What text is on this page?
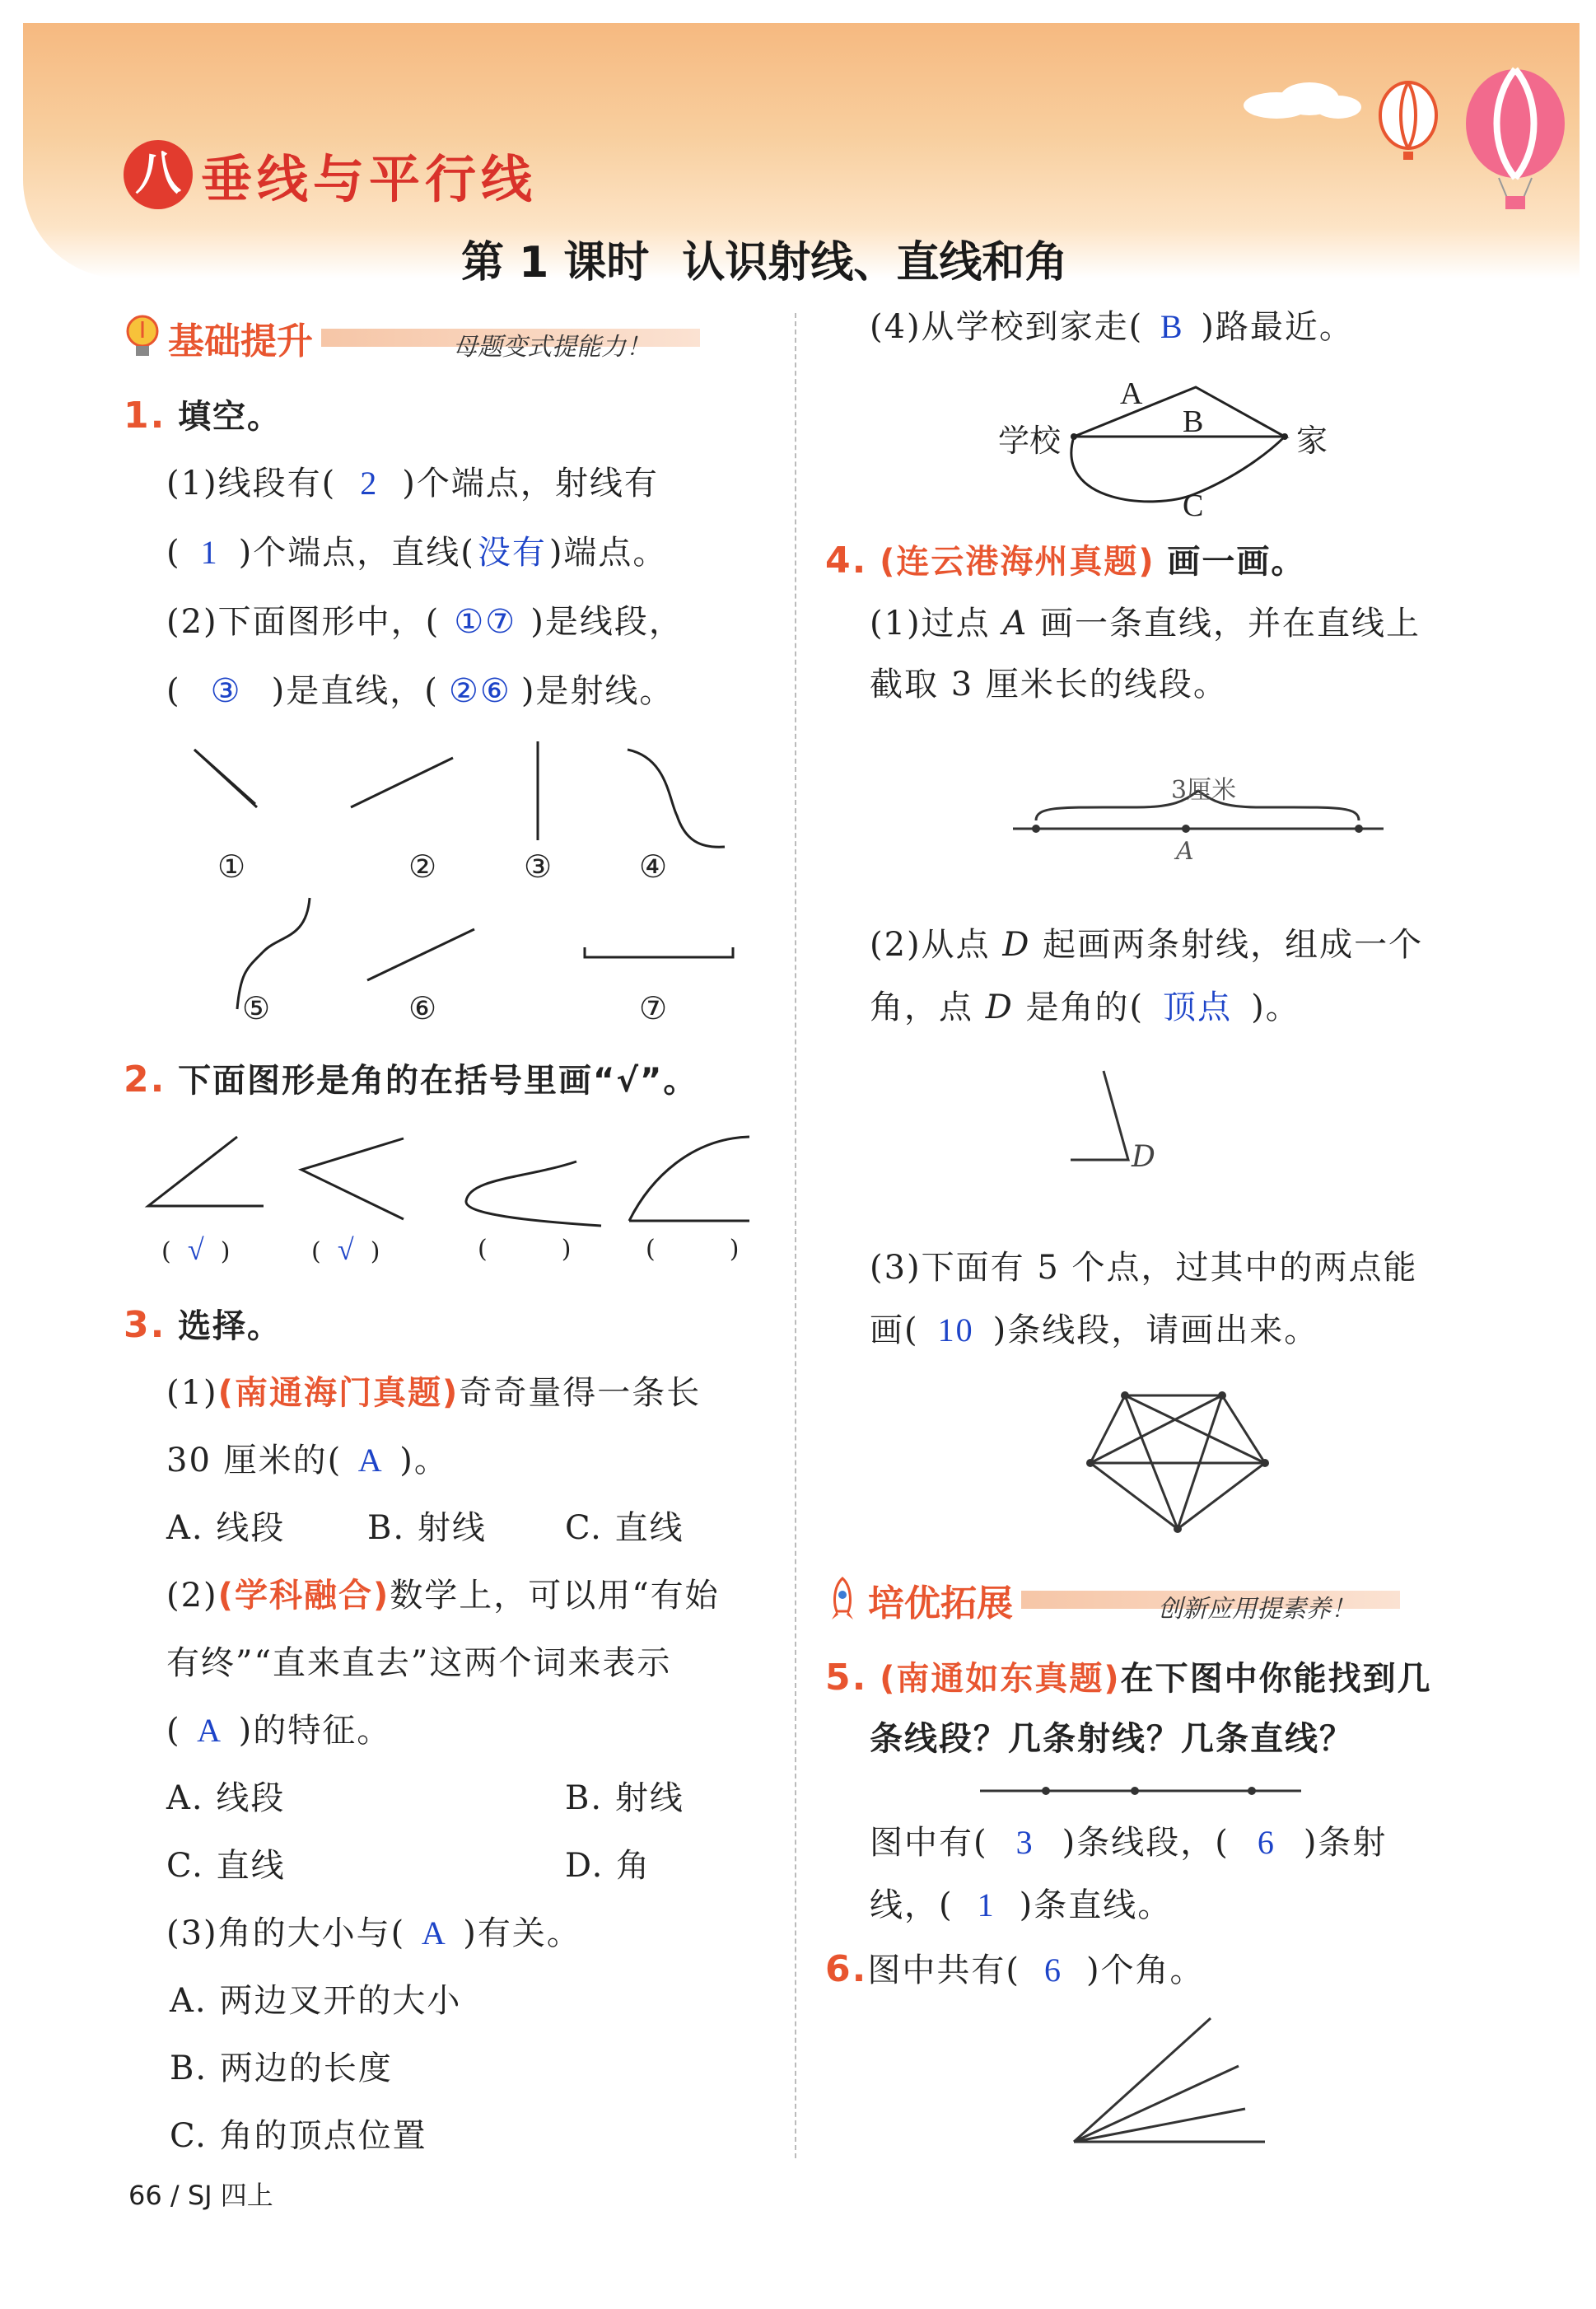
八 垂线与平行线
第 1 课时 认识射线、直线和角
基础提升	母题变式提能力！
1. 填空。
(1)线段有( 2 )个端点，射线有
( 1 )个端点，直线(没有)端点。
(2)下面图形中，( ①⑦ )是线段，
( ③ )是直线，( ②⑥ )是射线。
①	②	③	④
⑤	⑥	⑦
2. 下面图形是角的在括号里画“√”。
( √ )	( √ )	(	)	(	)
3. 选择。
(1)(南通海门真题)奇奇量得一条长
30 厘米的( A )。
A. 线段 B. 射线 C. 直线
(2)(学科融合)数学上，可以用“有始
有终”“直来直去”这两个词来表示
( A )的特征。
A. 线段	B. 射线
C. 直线	D. 角
(3)角的大小与( A )有关。
A. 两边叉开的大小
B. 两边的长度
C. 角的顶点位置
(4)从学校到家走( B )路最近。
学校	家
A
B
C
4. (连云港海州真题) 画一画。
(1)过点 A 画一条直线，并在直线上
截取 3 厘米长的线段。
3厘米
A
(2)从点 D 起画两条射线，组成一个
角，点 D 是角的( 顶点 )。
D
(3)下面有 5 个点，过其中的两点能
画( 10 )条线段，请画出来。
培优拓展	创新应用提素养！
5. (南通如东真题)在下图中你能找到几
条线段？几条射线？几条直线？
图中有( 3 )条线段，( 6 )条射
线，( 1 )条直线。
6.图中共有( 6 )个角。
66 / SJ 四上
